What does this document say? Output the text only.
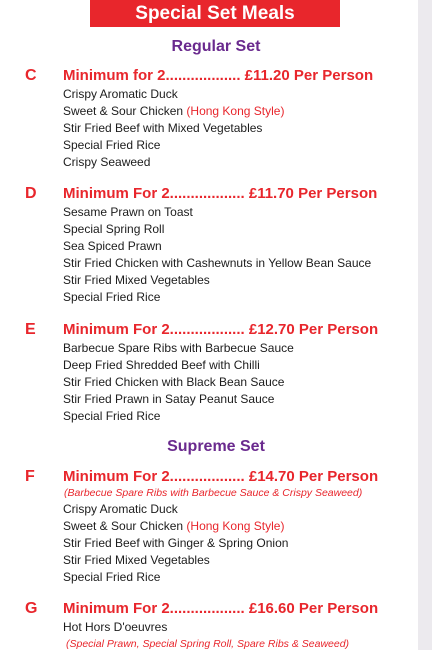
Special Set Meals
Regular Set
C Minimum for 2.................. £11.20 Per Person
Crispy Aromatic Duck
Sweet & Sour Chicken (Hong Kong Style)
Stir Fried Beef with Mixed Vegetables
Special Fried Rice
Crispy Seaweed
D Minimum For 2.................. £11.70 Per Person
Sesame Prawn on Toast
Special Spring Roll
Sea Spiced Prawn
Stir Fried Chicken with Cashewnuts in Yellow Bean Sauce
Stir Fried Mixed Vegetables
Special Fried Rice
E Minimum For 2.................. £12.70 Per Person
Barbecue Spare Ribs with Barbecue Sauce
Deep Fried Shredded Beef with Chilli
Stir Fried Chicken with Black Bean Sauce
Stir Fried Prawn in Satay Peanut Sauce
Special Fried Rice
Supreme Set
F Minimum For 2.................. £14.70 Per Person
(Barbecue Spare Ribs with Barbecue Sauce & Crispy Seaweed)
Crispy Aromatic Duck
Sweet & Sour Chicken (Hong Kong Style)
Stir Fried Beef with Ginger & Spring Onion
Stir Fried Mixed Vegetables
Special Fried Rice
G Minimum For 2.................. £16.60 Per Person
Hot Hors D'oeuvres
(Special Prawn, Special Spring Roll, Spare Ribs & Seaweed)
